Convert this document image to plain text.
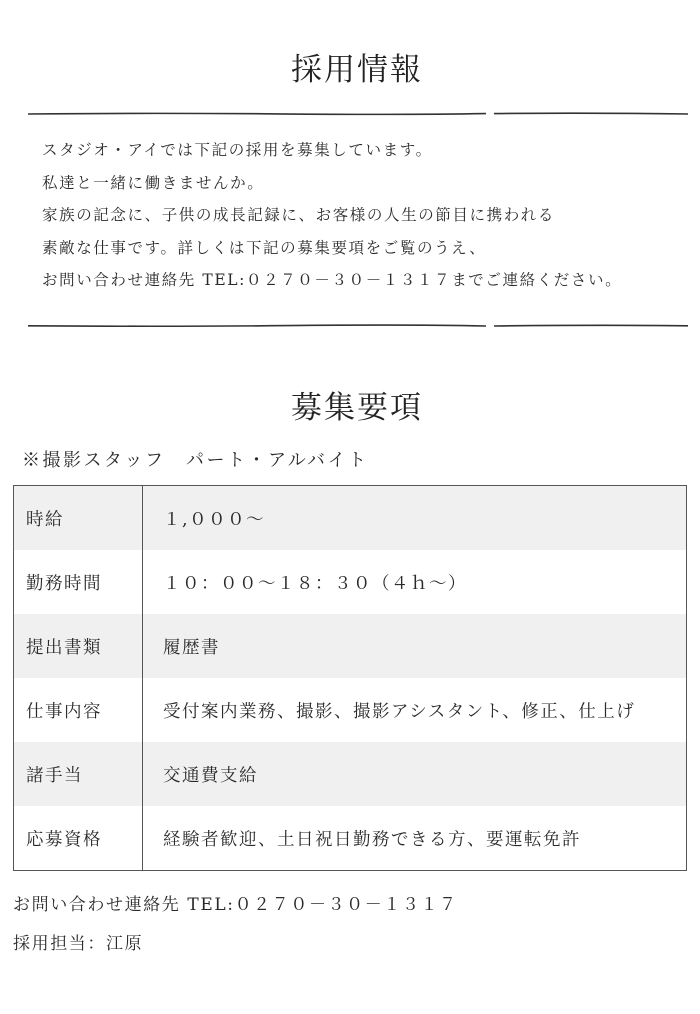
採用情報
スタジオ・アイでは下記の採用を募集しています。
私達と一緒に働きませんか。
家族の記念に、子供の成長記録に、お客様の人生の節目に携われる
素敵な仕事です。詳しくは下記の募集要項をご覧のうえ、
お問い合わせ連絡先 TEL:０２７０－３０－１３１７までご連絡ください。
募集要項
※撮影スタッフ　パート・アルバイト
時給	１,０００～
勤務時間	１０：００～１８：３０（４ｈ～）
提出書類	履歴書
仕事内容	受付案内業務、撮影、撮影アシスタント、修正、仕上げ
諸手当	交通費支給
応募資格	経験者歓迎、土日祝日勤務できる方、要運転免許
お問い合わせ連絡先 TEL:０２７０－３０－１３１７
採用担当：江原
